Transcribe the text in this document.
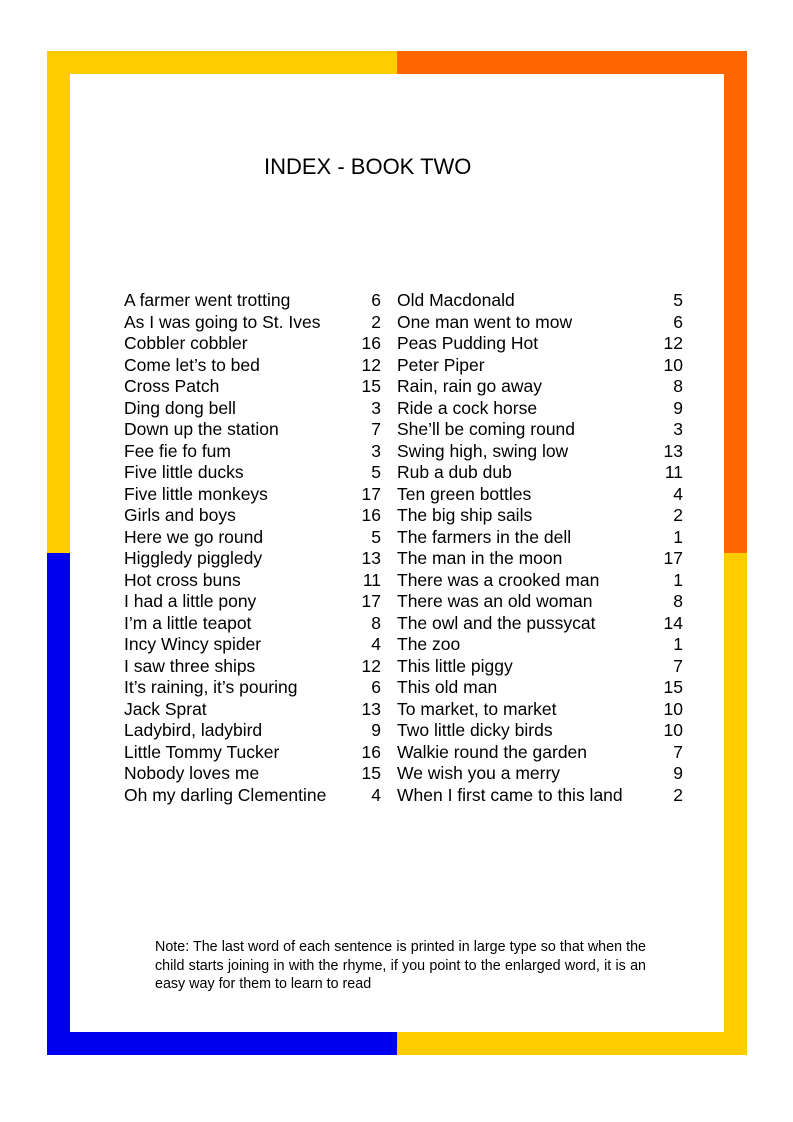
INDEX - BOOK TWO
A farmer went trotting	6
As I was going to St. Ives	2
Cobbler cobbler	16
Come let’s to bed	12
Cross Patch	15
Ding dong bell	3
Down up the station	7
Fee fie fo fum	3
Five little ducks	5
Five little monkeys	17
Girls and boys	16
Here we go round	5
Higgledy piggledy	13
Hot cross buns	11
I had a little pony	17
I’m a little teapot	8
Incy Wincy spider	4
I saw three ships	12
It’s raining, it’s pouring	6
Jack Sprat	13
Ladybird, ladybird	9
Little Tommy Tucker	16
Nobody loves me	15
Oh my darling Clementine	4
Old Macdonald	5
One man went to mow	6
Peas Pudding Hot	12
Peter Piper	10
Rain, rain go away	8
Ride a cock horse	9
She’ll be coming round	3
Swing high, swing low	13
Rub a dub dub	11
Ten green bottles	4
The big ship sails	2
The farmers in the dell	1
The man in the moon	17
There was a crooked man	1
There was an old woman	8
The owl and the pussycat	14
The zoo	1
This little piggy	7
This old man	15
To market, to market	10
Two little dicky birds	10
Walkie round the garden	7
We wish you a merry	9
When I first came to this land	2
Note: The last word of each sentence is printed in large type so that when the child starts joining in with the rhyme, if you point to the enlarged word, it is an easy way for them to learn to read
